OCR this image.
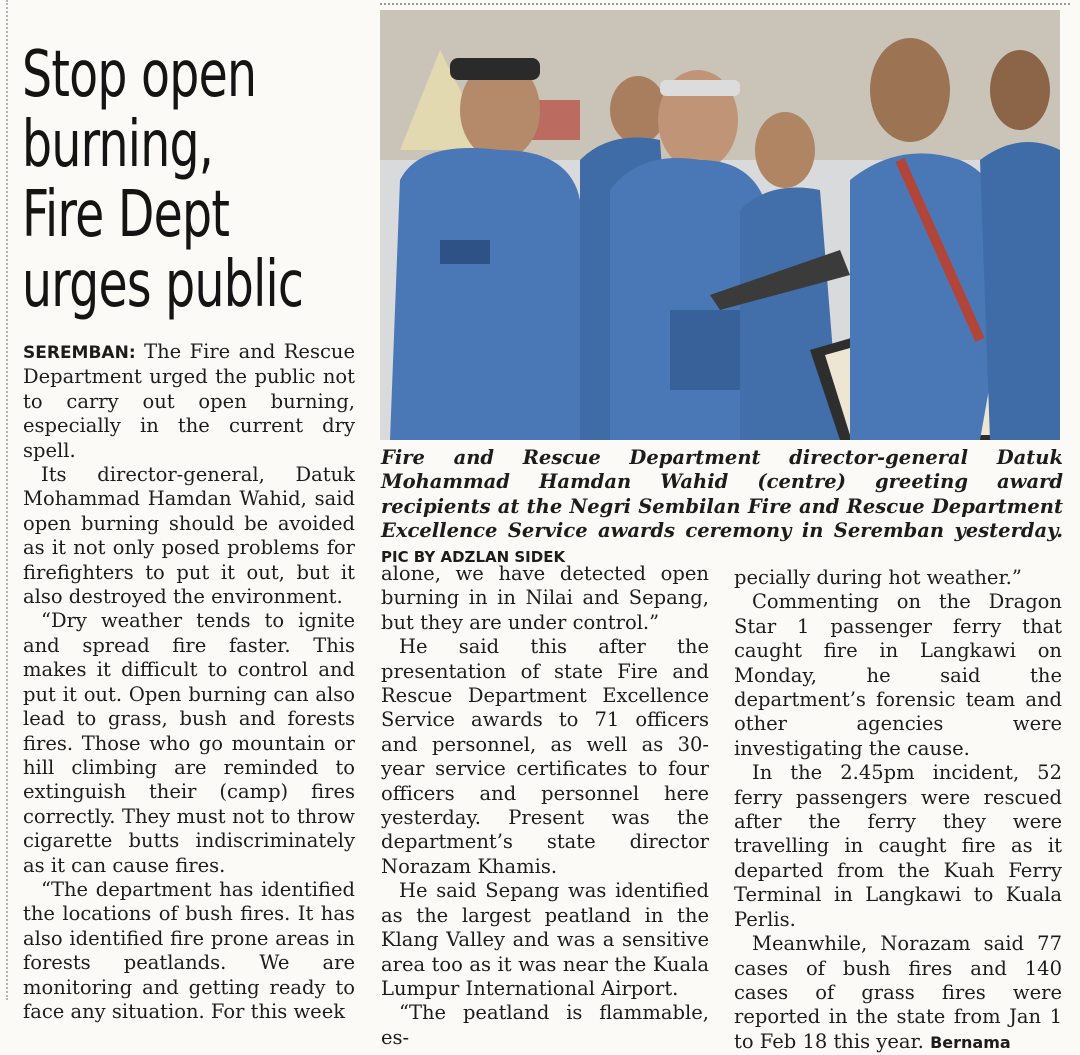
Stop open
burning,
Fire Dept
urges public
Fire and Rescue Department director-general Datuk Mohammad Hamdan Wahid (centre) greeting award recipients at the Negri Sembilan Fire and Rescue Department Excellence Service awards ceremony in Seremban yesterday. PIC BY ADZLAN SIDEK

SEREMBAN: The Fire and Rescue Department urged the public not to carry out open burning, especially in the current dry spell.

Its director-general, Datuk Mohammad Hamdan Wahid, said open burning should be avoided as it not only posed problems for firefighters to put it out, but it also destroyed the environment.

“Dry weather tends to ignite and spread fire faster. This makes it difficult to control and put it out. Open burning can also lead to grass, bush and forests fires. Those who go mountain or hill climbing are reminded to extinguish their (camp) fires correctly. They must not to throw cigarette butts indiscriminately as it can cause fires.

“The department has identified the locations of bush fires. It has also identified fire prone areas in forests peatlands. We are monitoring and getting ready to face any situation. For this week

alone, we have detected open burning in in Nilai and Sepang, but they are under control.”

He said this after the presentation of state Fire and Rescue Department Excellence Service awards to 71 officers and personnel, as well as 30-year service certificates to four officers and personnel here yesterday. Present was the department’s state director Norazam Khamis.

He said Sepang was identified as the largest peatland in the Klang Valley and was a sensitive area too as it was near the Kuala Lumpur International Airport.

“The peatland is flammable, es-

pecially during hot weather.”

Commenting on the Dragon Star 1 passenger ferry that caught fire in Langkawi on Monday, he said the department’s forensic team and other agencies were investigating the cause.

In the 2.45pm incident, 52 ferry passengers were rescued after the ferry they were travelling in caught fire as it departed from the Kuah Ferry Terminal in Langkawi to Kuala Perlis.

Meanwhile, Norazam said 77 cases of bush fires and 140 cases of grass fires were reported in the state from Jan 1 to Feb 18 this year. Bernama
